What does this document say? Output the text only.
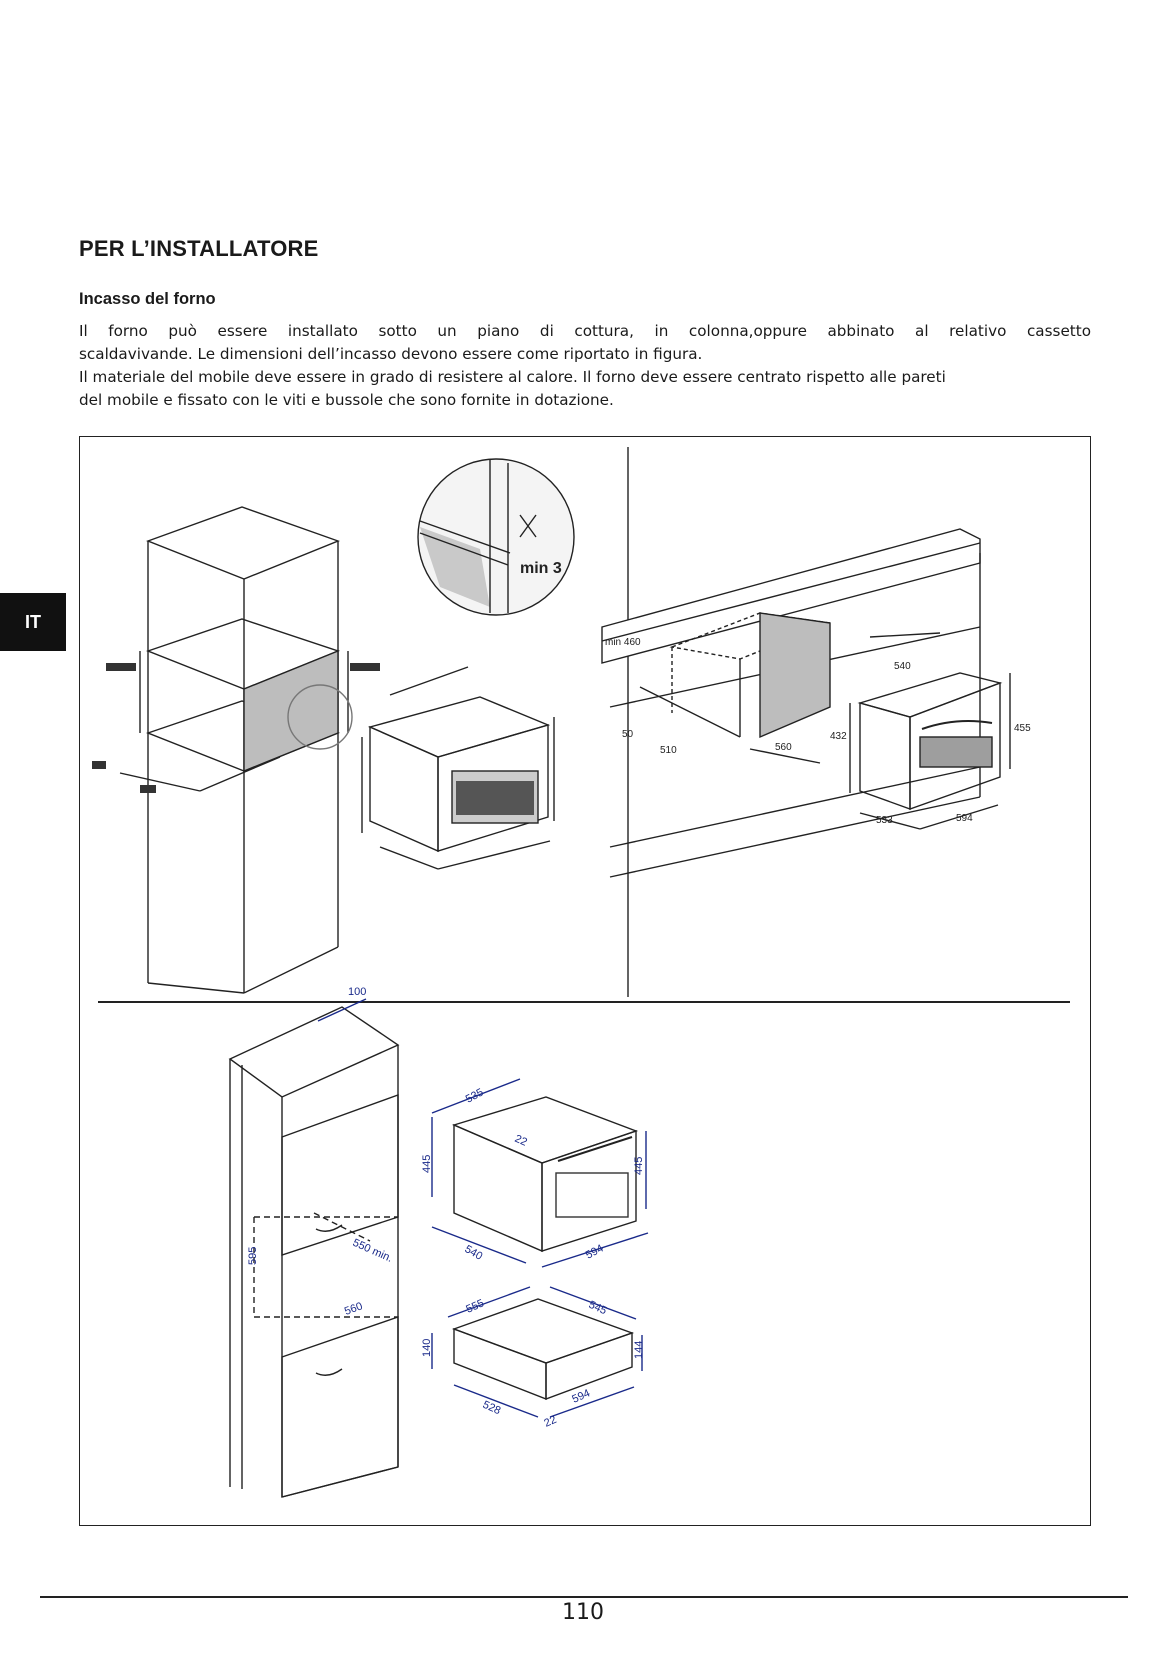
PER L’INSTALLATORE
Incasso del forno

Il forno può essere installato sotto un piano di cottura, in colonna,oppure abbinato al relativo cassetto

scaldavivande. Le dimensioni dell’incasso devono essere come riportato in figura.

Il materiale del mobile deve essere in grado di resistere al calore. Il forno deve essere centrato rispetto alle pareti

del mobile e fissato con le viti e bussole che sono fornite in dotazione.

IT
min 3
min 460
50
510	560
432
540
455
533	594
100
595	550 min.
560
535
22
445	445
540	594
555	545
140	144
528
594
22
110
